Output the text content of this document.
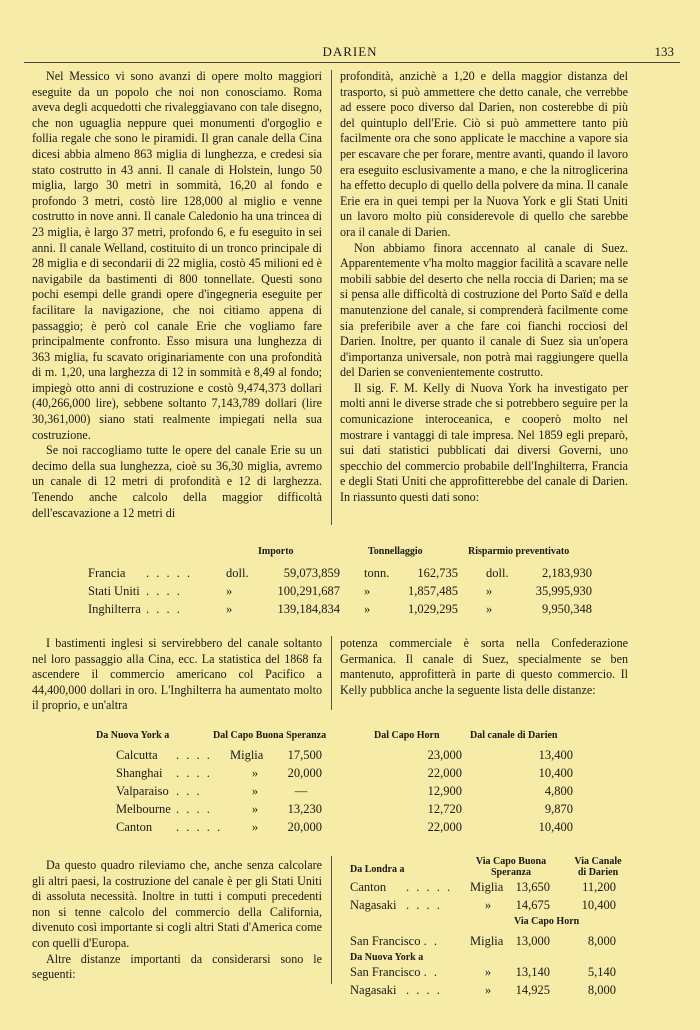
DARIEN	133

Nel Messico vi sono avanzi di opere molto maggiori eseguite da un popolo che noi non conosciamo. Roma aveva degli acquedotti che rivaleggiavano con tale disegno, che non uguaglia neppure quei monumenti d'orgoglio e follia regale che sono le piramidi. Il gran canale della Cina dicesi abbia almeno 863 miglia di lunghezza, e credesi sia stato costrutto in 43 anni. Il canale di Holstein, lungo 50 miglia, largo 30 metri in sommità, 16,20 al fondo e profondo 3 metri, costò lire 128,000 al miglio e venne costrutto in nove anni. Il canale Caledonio ha una trincea di 23 miglia, è largo 37 metri, profondo 6, e fu eseguito in sei anni. Il canale Welland, costituito di un tronco principale di 28 miglia e di secondarii di 22 miglia, costò 45 milioni ed è navigabile da bastimenti di 800 tonnellate. Questi sono pochi esempi delle grandi opere d'ingegneria eseguite per facilitare la navigazione, che noi citiamo appena di passaggio; è però col canale Erie che vogliamo fare principalmente confronto. Esso misura una lunghezza di 363 miglia, fu scavato originariamente con una profondità di m. 1,20, una larghezza di 12 in sommità e 8,49 al fondo; impiegò otto anni di costruzione e costò 9,474,373 dollari (40,266,000 lire), sebbene soltanto 7,143,789 dollari (lire 30,361,000) siano stati realmente impiegati nella sua costruzione.

Se noi raccogliamo tutte le opere del canale Erie su un decimo della sua lunghezza, cioè su 36,30 miglia, avremo un canale di 12 metri di profondità e 12 di larghezza. Tenendo anche calcolo della maggior difficoltà dell'escavazione a 12 metri di

profondità, anzichè a 1,20 e della maggior distanza del trasporto, si può ammettere che detto canale, che verrebbe ad essere poco diverso dal Darien, non costerebbe di più del quintuplo dell'Erie. Ciò si può ammettere tanto più facilmente ora che sono applicate le macchine a vapore sia per escavare che per forare, mentre avanti, quando il lavoro era eseguito esclusivamente a mano, e che la nitroglicerina ha effetto decuplo di quello della polvere da mina. Il canale Erie era in quei tempi per la Nuova York e gli Stati Uniti un lavoro molto più considerevole di quello che sarebbe ora il canale di Darien.

Non abbiamo finora accennato al canale di Suez. Apparentemente v'ha molto maggior facilità a scavare nelle mobili sabbie del deserto che nella roccia di Darien; ma se si pensa alle difficoltà di costruzione del Porto Saïd e della manutenzione del canale, si comprenderà facilmente come sia preferibile aver a che fare coi fianchi rocciosi del Darien. Inoltre, per quanto il canale di Suez sia un'opera d'importanza universale, non potrà mai raggiungere quella del Darien se convenientemente costrutto.

Il sig. F. M. Kelly di Nuova York ha investigato per molti anni le diverse strade che si potrebbero seguire per la comunicazione interoceanica, e cooperò molto nel mostrare i vantaggi di tale impresa. Nel 1859 egli preparò, sui dati statistici pubblicati dai diversi Governi, uno specchio del commercio probabile dell'Inghilterra, Francia e degli Stati Uniti che approfitterebbe del canale di Darien. In riassunto questi dati sono:

Importo	Tonnellaggio	Risparmio preventivato
Francia	. . . . .	doll.	59,073,859	tonn.	162,735	doll.	2,183,930
Stati Uniti	. . . .	»	100,291,687	»	1,857,485	»	35,995,930
Inghilterra	. . . .	»	139,184,834	»	1,029,295	»	9,950,348

I bastimenti inglesi si servirebbero del canale soltanto nel loro passaggio alla Cina, ecc. La statistica del 1868 fa ascendere il commercio americano col Pacifico a 44,400,000 dollari in oro. L'Inghilterra ha aumentato molto il proprio, e un'altra

potenza commerciale è sorta nella Confederazione Germanica. Il canale di Suez, specialmente se ben mantenuto, approfitterà in parte di questo commercio. Il Kelly pubblica anche la seguente lista delle distanze:

Da Nuova York a	Dal Capo Buona Speranza	Dal Capo Horn	Dal canale di Darien
Calcutta	. . . .	Miglia	17,500	23,000	13,400
Shanghai	. . . .	»	20,000	22,000	10,400
Valparaiso	. . .	»	—	12,900	4,800
Melbourne	. . . .	»	13,230	12,720	9,870
Canton	. . . . .	»	20,000	22,000	10,400

Da questo quadro rileviamo che, anche senza calcolare gli altri paesi, la costruzione del canale è per gli Stati Uniti di assoluta necessità. Inoltre in tutti i computi precedenti non si tenne calcolo del commercio della California, divenuto così importante si cogli altri Stati d'America come con quelli d'Europa.

Altre distanze importanti da considerarsi sono le seguenti:

Da Londra a
Via Capo Buona Speranza
Via Canale di Darien
Canton	. . . . .	Miglia	13,650	11,200
Nagasaki	. . . .	»	14,675	10,400
			Via Capo Horn	
San Francisco . .		Miglia	13,000	8,000
Da Nuova York a				
San Francisco . .		»	13,140	5,140
Nagasaki	. . . .	»	14,925	8,000
